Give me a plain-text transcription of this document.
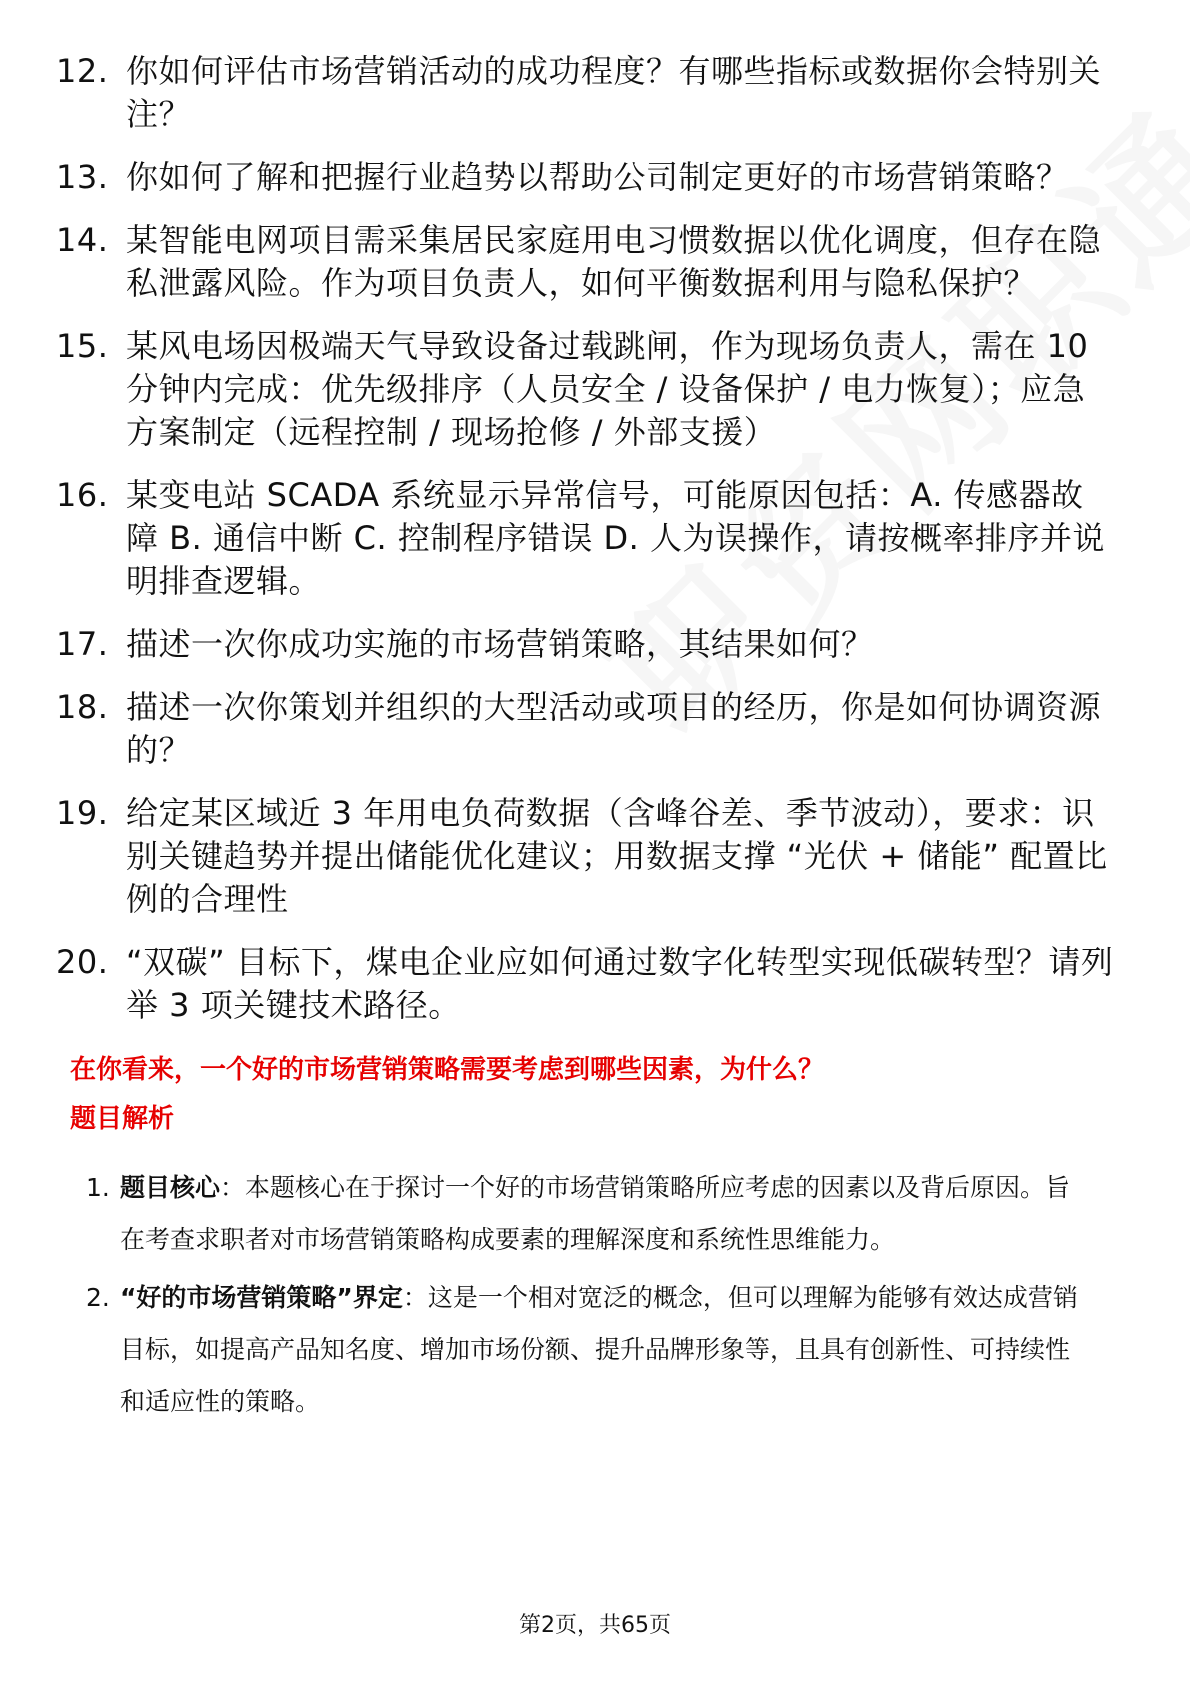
12. 你如何评估市场营销活动的成功程度？有哪些指标或数据你会特别关注？
13. 你如何了解和把握行业趋势以帮助公司制定更好的市场营销策略？
14. 某智能电网项目需采集居民家庭用电习惯数据以优化调度，但存在隐私泄露风险。作为项目负责人，如何平衡数据利用与隐私保护？
15. 某风电场因极端天气导致设备过载跳闸，作为现场负责人，需在 10 分钟内完成：优先级排序（人员安全 / 设备保护 / 电力恢复）；应急方案制定（远程控制 / 现场抢修 / 外部支援）
16. 某变电站 SCADA 系统显示异常信号，可能原因包括：A. 传感器故障 B. 通信中断 C. 控制程序错误 D. 人为误操作，请按概率排序并说明排查逻辑。
17. 描述一次你成功实施的市场营销策略，其结果如何？
18. 描述一次你策划并组织的大型活动或项目的经历，你是如何协调资源的？
19. 给定某区域近 3 年用电负荷数据（含峰谷差、季节波动），要求：识别关键趋势并提出储能优化建议；用数据支撑 “光伏 + 储能” 配置比例的合理性
20. “双碳” 目标下，煤电企业应如何通过数字化转型实现低碳转型？请列举 3 项关键技术路径。
在你看来，一个好的市场营销策略需要考虑到哪些因素，为什么？
题目解析
1. 题目核心：本题核心在于探讨一个好的市场营销策略所应考虑的因素以及背后原因。旨在考查求职者对市场营销策略构成要素的理解深度和系统性思维能力。
2. “好的市场营销策略”界定：这是一个相对宽泛的概念，但可以理解为能够有效达成营销目标，如提高产品知名度、增加市场份额、提升品牌形象等，且具有创新性、可持续性和适应性的策略。
第2页，共65页
